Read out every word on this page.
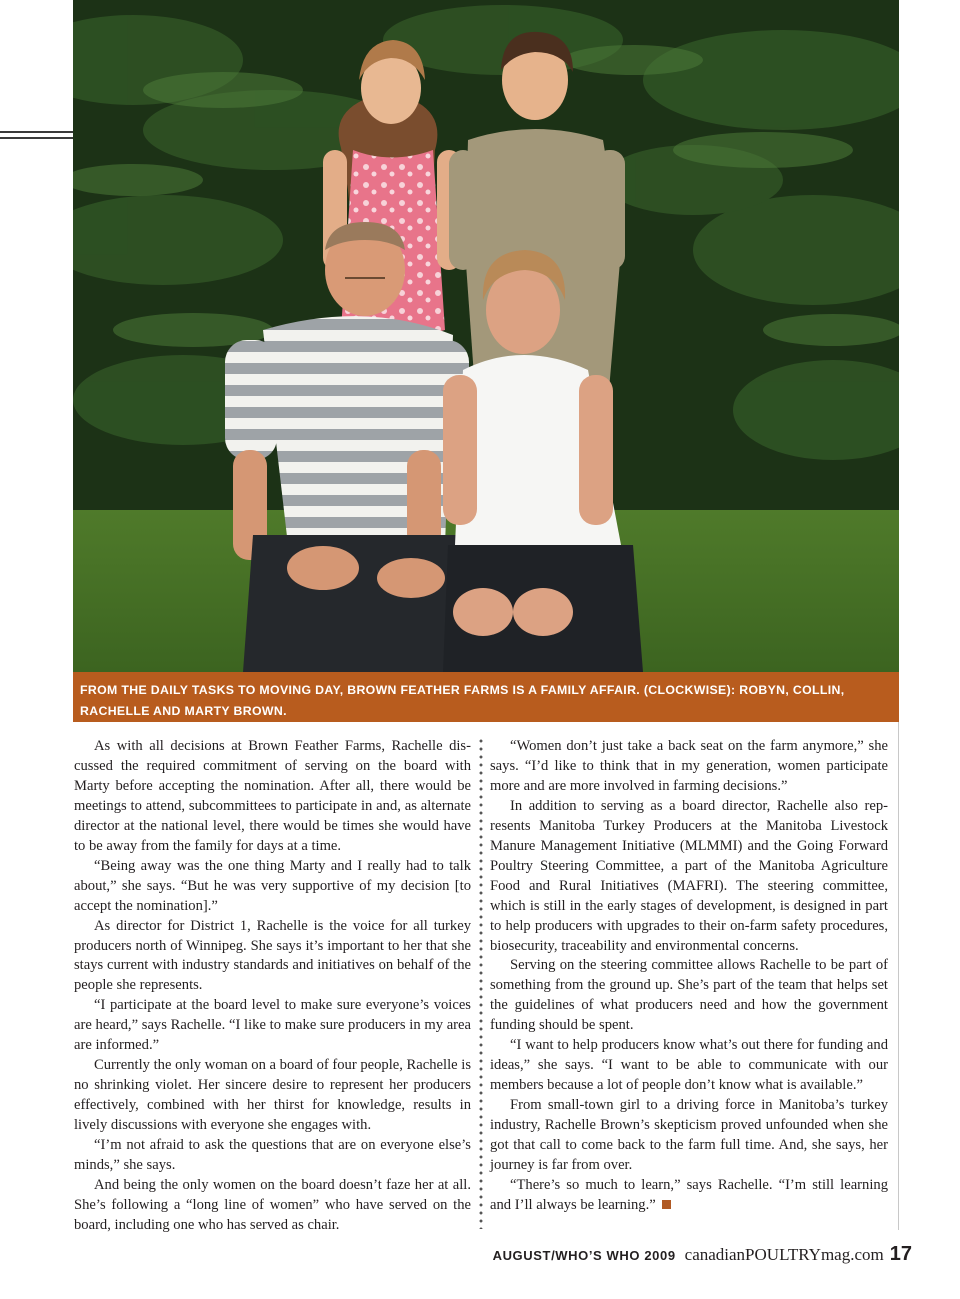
FROM THE DAILY TASKS TO MOVING DAY, BROWN FEATHER FARMS IS A FAMILY AFFAIR. (CLOCKWISE): ROBYN, COLLIN, RACHELLE AND MARTY BROWN.

As with all decisions at Brown Feather Farms, Rachelle discussed the required commitment of serving on the board with Marty before accepting the nomination. After all, there would be meetings to attend, subcommittees to participate in and, as alternate director at the national level, there would be times she would have to be away from the family for days at a time.

“Being away was the one thing Marty and I really had to talk about,” she says. “But he was very supportive of my decision [to accept the nomination].”

As director for District 1, Rachelle is the voice for all turkey producers north of Winnipeg. She says it’s important to her that she stays current with industry standards and initiatives on behalf of the people she represents.

“I participate at the board level to make sure everyone’s voices are heard,” says Rachelle. “I like to make sure producers in my area are informed.”

Currently the only woman on a board of four people, Rachelle is no shrinking violet. Her sincere desire to represent her producers effectively, combined with her thirst for knowledge, results in lively discussions with everyone she engages with.

“I’m not afraid to ask the questions that are on everyone else’s minds,” she says.

And being the only women on the board doesn’t faze her at all. She’s following a “long line of women” who have served on the board, including one who has served as chair.

“Women don’t just take a back seat on the farm anymore,” she says. “I’d like to think that in my generation, women participate more and are more involved in farming decisions.”

In addition to serving as a board director, Rachelle also represents Manitoba Turkey Producers at the Manitoba Livestock Manure Management Initiative (MLMMI) and the Going Forward Poultry Steering Committee, a part of the Manitoba Agriculture Food and Rural Initiatives (MAFRI). The steering committee, which is still in the early stages of development, is designed in part to help producers with upgrades to their on-farm safety procedures, biosecurity, traceability and environmental concerns.

Serving on the steering committee allows Rachelle to be part of something from the ground up. She’s part of the team that helps set the guidelines of what producers need and how the government funding should be spent.

“I want to help producers know what’s out there for funding and ideas,” she says. “I want to be able to communicate with our members because a lot of people don’t know what is available.”

From small-town girl to a driving force in Manitoba’s turkey industry, Rachelle Brown’s skepticism proved unfounded when she got that call to come back to the farm full time. And, she says, her journey is far from over.

“There’s so much to learn,” says Rachelle. “I’m still learning and I’ll always be learning.”

AUGUST/WHO’S WHO 2009 canadianPOULTRYmag.com 17
